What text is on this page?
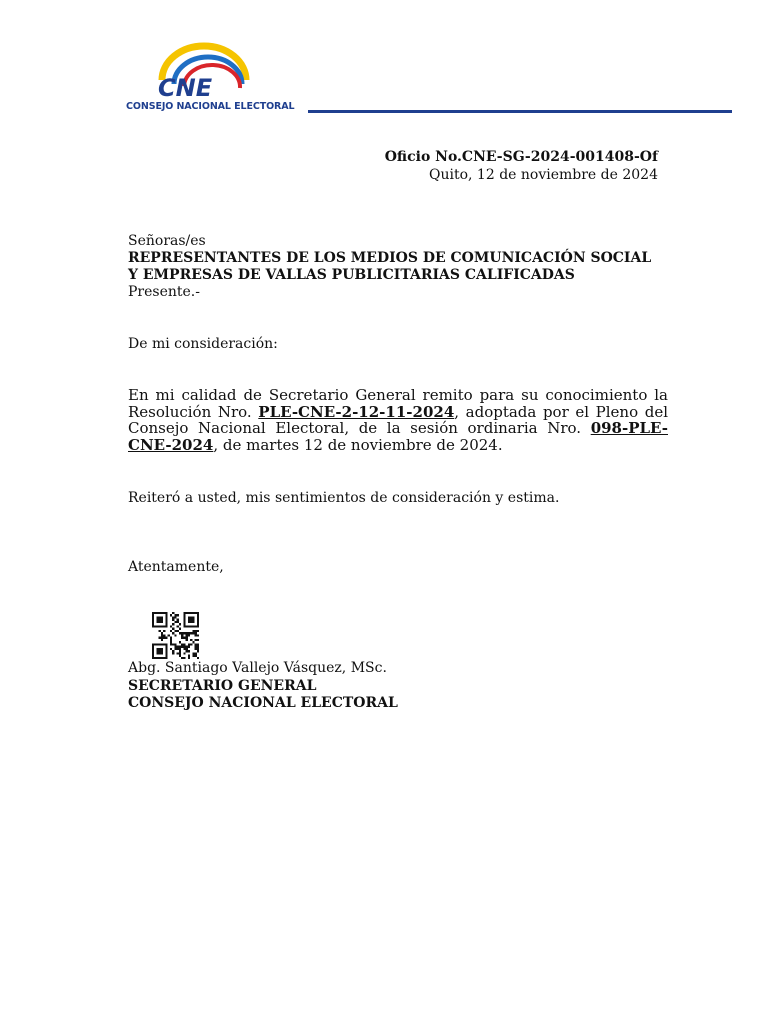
CNE
CONSEJO NACIONAL ELECTORAL
Oficio No.CNE-SG-2024-001408-Of
Quito, 12 de noviembre de 2024
Señoras/es
REPRESENTANTES DE LOS MEDIOS DE COMUNICACIÓN SOCIAL
Y EMPRESAS DE VALLAS PUBLICITARIAS CALIFICADAS
Presente.-
De mi consideración:
En mi calidad de Secretario General remito para su conocimiento la Resolución Nro. PLE-CNE-2-12-11-2024, adoptada por el Pleno del Consejo Nacional Electoral, de la sesión ordinaria Nro. 098-PLE-CNE-2024, de martes 12 de noviembre de 2024.
Reiteró a usted, mis sentimientos de consideración y estima.
Atentamente,
Abg. Santiago Vallejo Vásquez, MSc.
SECRETARIO GENERAL
CONSEJO NACIONAL ELECTORAL
